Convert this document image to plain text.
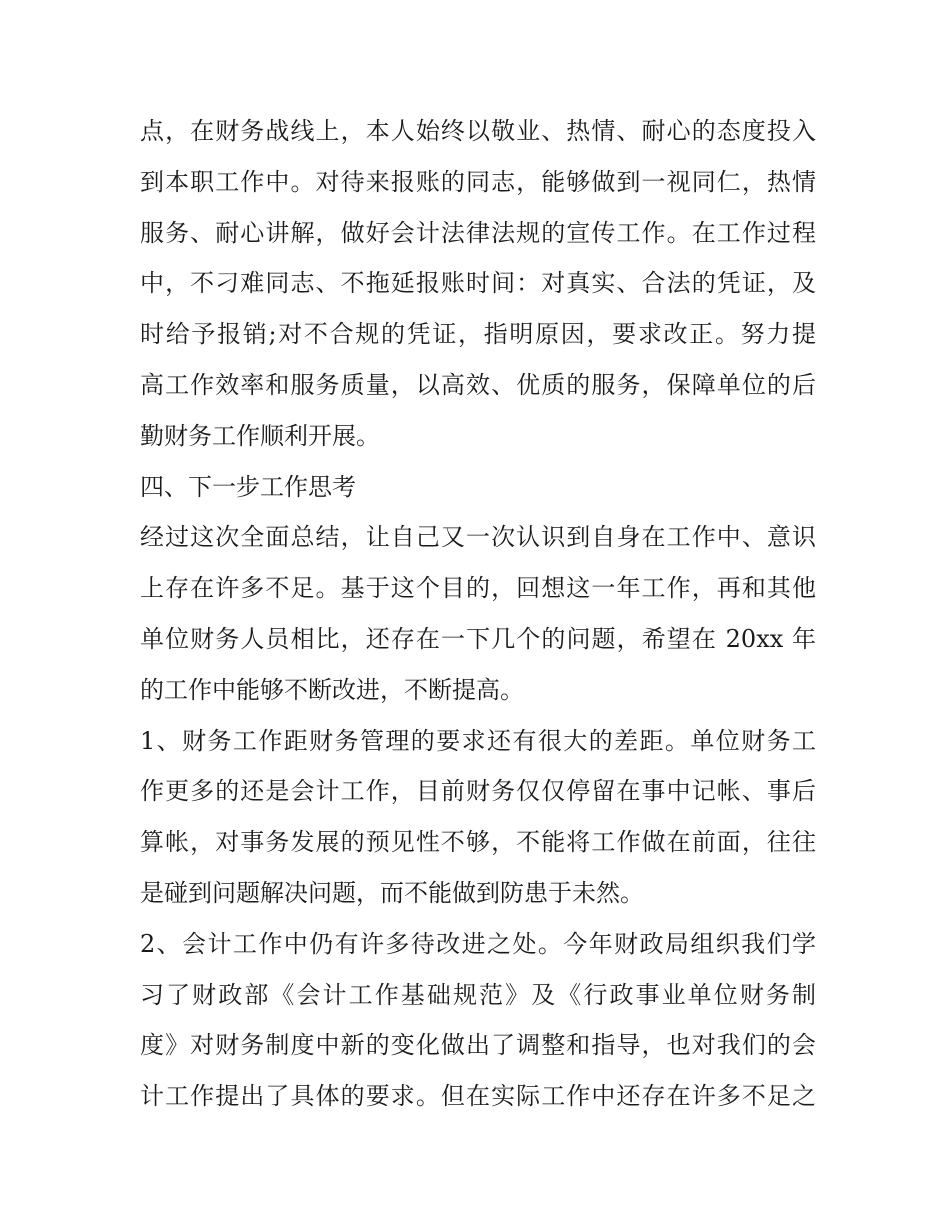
点，在财务战线上，本人始终以敬业、热情、耐心的态度投入
到本职工作中。对待来报账的同志，能够做到一视同仁，热情
服务、耐心讲解，做好会计法律法规的宣传工作。在工作过程
中，不刁难同志、不拖延报账时间：对真实、合法的凭证，及
时给予报销;对不合规的凭证，指明原因，要求改正。努力提
高工作效率和服务质量，以高效、优质的服务，保障单位的后
勤财务工作顺利开展。
四、下一步工作思考
经过这次全面总结，让自己又一次认识到自身在工作中、意识
上存在许多不足。基于这个目的，回想这一年工作，再和其他
单位财务人员相比，还存在一下几个的问题，希望在 20xx 年
的工作中能够不断改进，不断提高。
1、财务工作距财务管理的要求还有很大的差距。单位财务工
作更多的还是会计工作，目前财务仅仅停留在事中记帐、事后
算帐，对事务发展的预见性不够，不能将工作做在前面，往往
是碰到问题解决问题，而不能做到防患于未然。
2、会计工作中仍有许多待改进之处。今年财政局组织我们学
习了财政部《会计工作基础规范》及《行政事业单位财务制
度》对财务制度中新的变化做出了调整和指导，也对我们的会
计工作提出了具体的要求。但在实际工作中还存在许多不足之
